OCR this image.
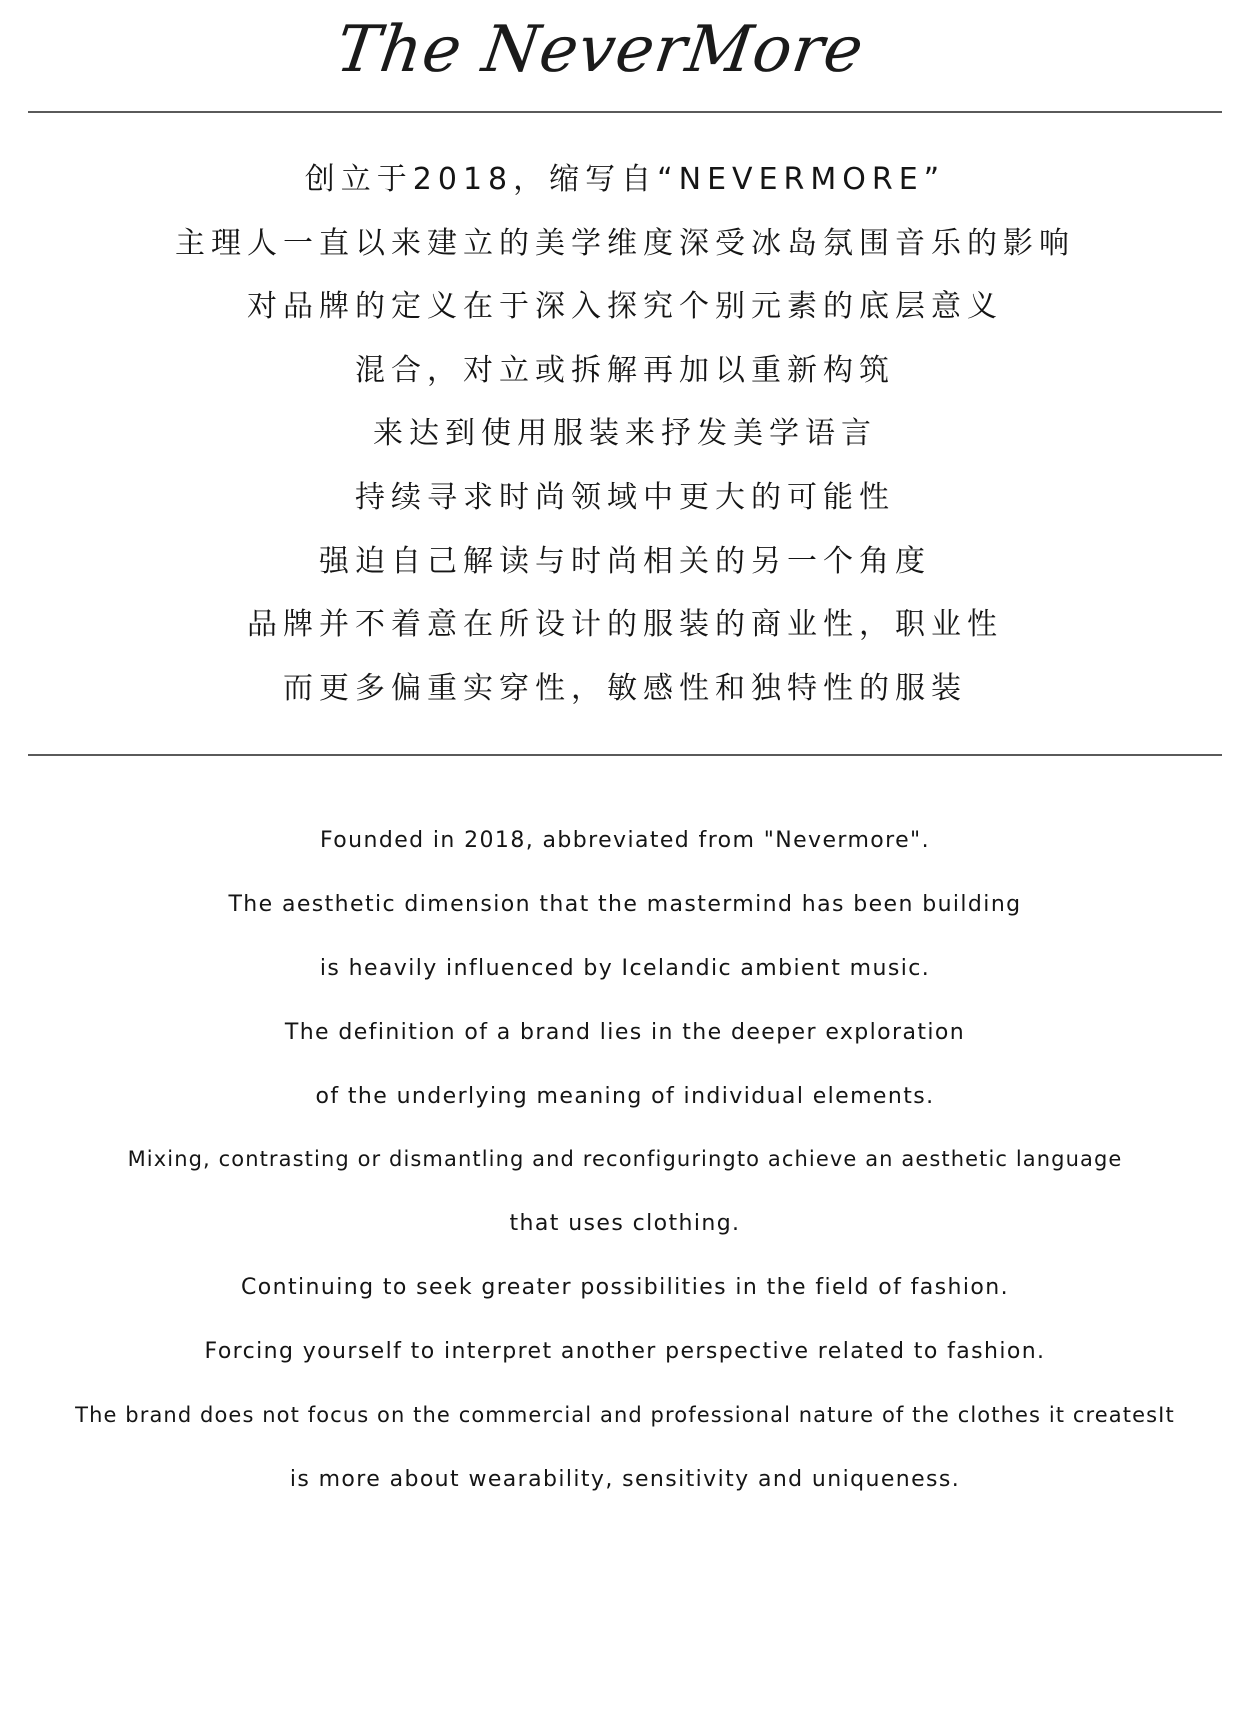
The NeverMore
创立于2018，缩写自“NEVERMORE”
主理人一直以来建立的美学维度深受冰岛氛围音乐的影响
对品牌的定义在于深入探究个别元素的底层意义
混合，对立或拆解再加以重新构筑
来达到使用服装来抒发美学语言
持续寻求时尚领域中更大的可能性
强迫自己解读与时尚相关的另一个角度
品牌并不着意在所设计的服装的商业性，职业性
而更多偏重实穿性，敏感性和独特性的服装
Founded in 2018, abbreviated from "Nevermore".
The aesthetic dimension that the mastermind has been building
is heavily influenced by Icelandic ambient music.
The definition of a brand lies in the deeper exploration
of the underlying meaning of individual elements.
Mixing, contrasting or dismantling and reconfiguringto achieve an aesthetic language
that uses clothing.
Continuing to seek greater possibilities in the field of fashion.
Forcing yourself to interpret another perspective related to fashion.
The brand does not focus on the commercial and professional nature of the clothes it createsIt
is more about wearability, sensitivity and uniqueness.
